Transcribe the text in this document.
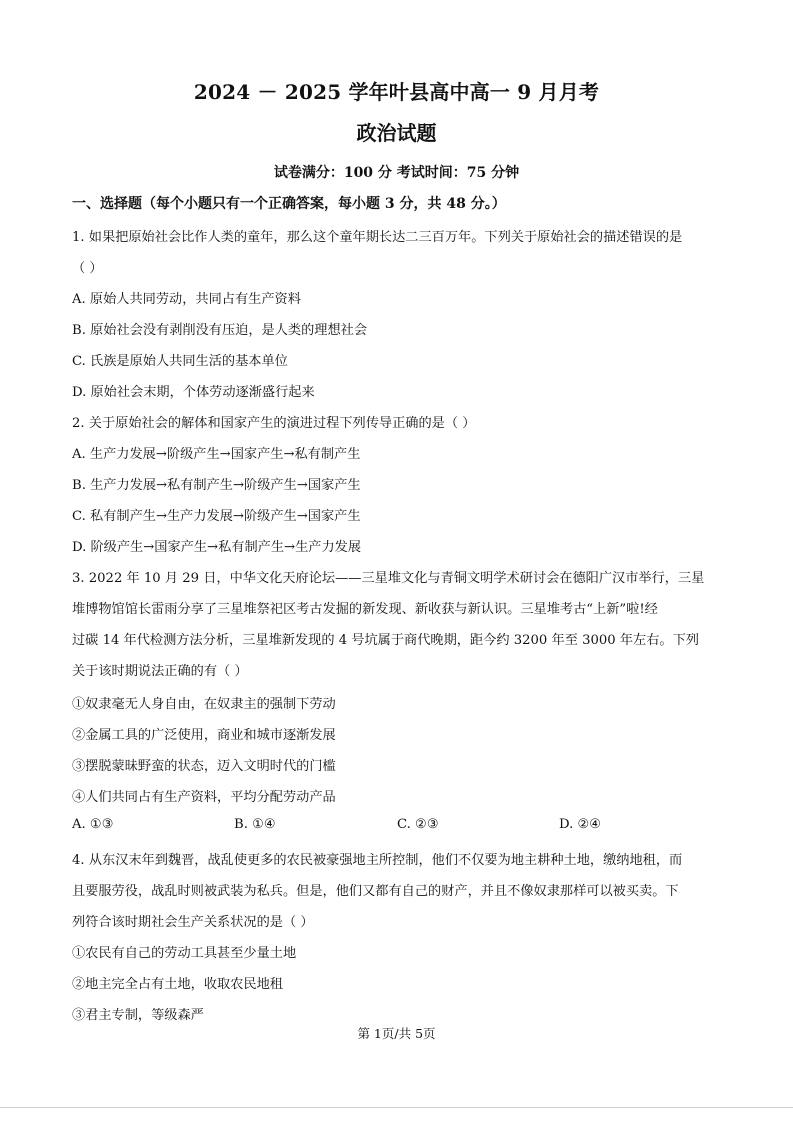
2024 － 2025 学年叶县高中高一 9 月月考
政治试题
试卷满分：100 分 考试时间：75 分钟
一、选择题（每个小题只有一个正确答案，每小题 3 分，共 48 分。）
1. 如果把原始社会比作人类的童年，那么这个童年期长达二三百万年。下列关于原始社会的描述错误的是
（ ）
A. 原始人共同劳动，共同占有生产资料
B. 原始社会没有剥削没有压迫，是人类的理想社会
C. 氏族是原始人共同生活的基本单位
D. 原始社会末期，个体劳动逐渐盛行起来
2. 关于原始社会的解体和国家产生的演进过程下列传导正确的是（ ）
A. 生产力发展→阶级产生→国家产生→私有制产生
B. 生产力发展→私有制产生→阶级产生→国家产生
C. 私有制产生→生产力发展→阶级产生→国家产生
D. 阶级产生→国家产生→私有制产生→生产力发展
3. 2022 年 10 月 29 日，中华文化天府论坛——三星堆文化与青铜文明学术研讨会在德阳广汉市举行，三星
堆博物馆馆长雷雨分享了三星堆祭祀区考古发掘的新发现、新收获与新认识。三星堆考古“上新”啦!经
过碳 14 年代检测方法分析，三星堆新发现的 4 号坑属于商代晚期，距今约 3200 年至 3000 年左右。下列
关于该时期说法正确的有（ ）
①奴隶毫无人身自由，在奴隶主的强制下劳动
②金属工具的广泛使用，商业和城市逐渐发展
③摆脱蒙昧野蛮的状态，迈入文明时代的门槛
④人们共同占有生产资料，平均分配劳动产品
A. ①③	B. ①④	C. ②③	D. ②④
4. 从东汉末年到魏晋，战乱使更多的农民被豪强地主所控制，他们不仅要为地主耕种土地，缴纳地租，而
且要服劳役，战乱时则被武装为私兵。但是，他们又都有自己的财产，并且不像奴隶那样可以被买卖。下
列符合该时期社会生产关系状况的是（ ）
①农民有自己的劳动工具甚至少量土地
②地主完全占有土地，收取农民地租
③君主专制，等级森严
第 1页/共 5页
